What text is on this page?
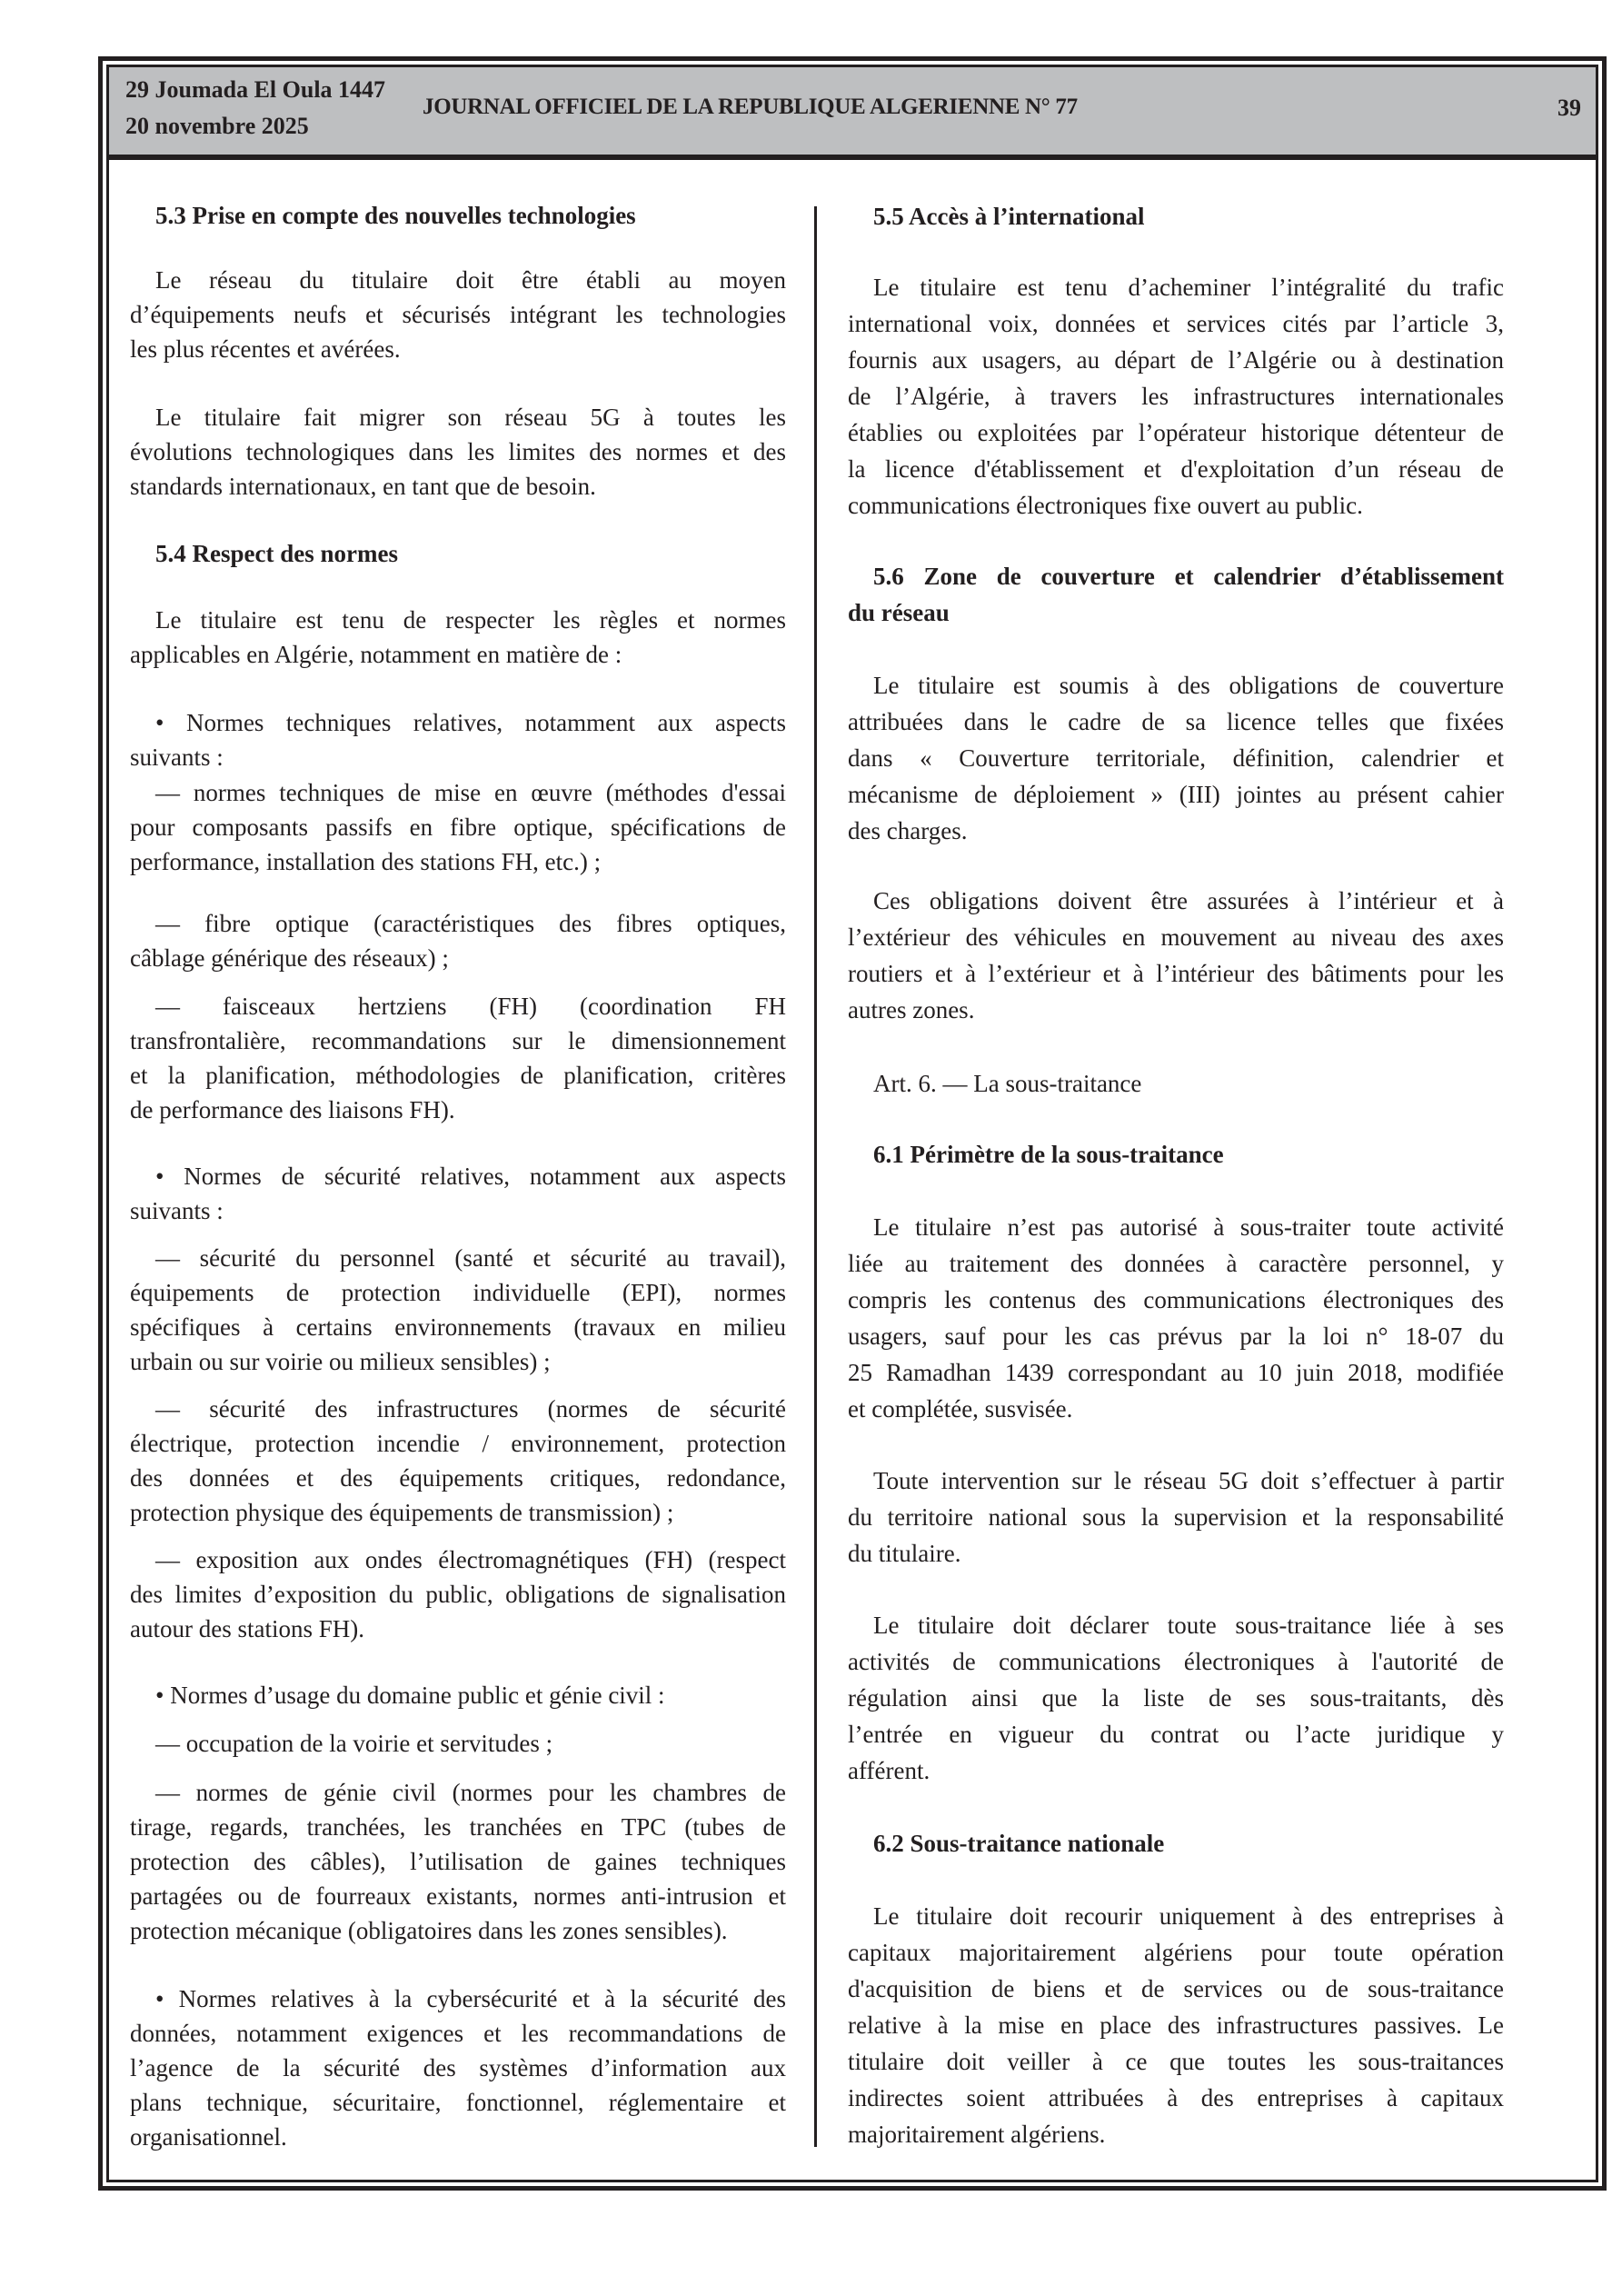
29 Joumada El Oula 1447
20 novembre 2025
JOURNAL OFFICIEL DE LA REPUBLIQUE ALGERIENNE N° 77	39
5.3 Prise en compte des nouvelles technologies
Le réseau du titulaire doit être établi au moyen
d’équipements neufs et sécurisés intégrant les technologies
les plus récentes et avérées.
Le titulaire fait migrer son réseau 5G à toutes les
évolutions technologiques dans les limites des normes et des
standards internationaux, en tant que de besoin.
5.4 Respect des normes
Le titulaire est tenu de respecter les règles et normes
applicables en Algérie, notamment en matière de :
• Normes techniques relatives, notamment aux aspects
suivants :
— normes techniques de mise en œuvre (méthodes d'essai
pour composants passifs en fibre optique, spécifications de
performance, installation des stations FH, etc.) ;
— fibre optique (caractéristiques des fibres optiques,
câblage générique des réseaux) ;
— faisceaux hertziens (FH) (coordination FH
transfrontalière, recommandations sur le dimensionnement
et la planification, méthodologies de planification, critères
de performance des liaisons FH).
• Normes de sécurité relatives, notamment aux aspects
suivants :
— sécurité du personnel (santé et sécurité au travail),
équipements de protection individuelle (EPI), normes
spécifiques à certains environnements (travaux en milieu
urbain ou sur voirie ou milieux sensibles) ;
— sécurité des infrastructures (normes de sécurité
électrique, protection incendie / environnement, protection
des données et des équipements critiques, redondance,
protection physique des équipements de transmission) ;
— exposition aux ondes électromagnétiques (FH) (respect
des limites d’exposition du public, obligations de signalisation
autour des stations FH).
• Normes d’usage du domaine public et génie civil :
— occupation de la voirie et servitudes ;
— normes de génie civil (normes pour les chambres de
tirage, regards, tranchées, les tranchées en TPC (tubes de
protection des câbles), l’utilisation de gaines techniques
partagées ou de fourreaux existants, normes anti-intrusion et
protection mécanique (obligatoires dans les zones sensibles).
• Normes relatives à la cybersécurité et à la sécurité des
données, notamment exigences et les recommandations de
l’agence de la sécurité des systèmes d’information aux
plans technique, sécuritaire, fonctionnel, réglementaire et
organisationnel.
5.5 Accès à l’international
Le titulaire est tenu d’acheminer l’intégralité du trafic
international voix, données et services cités par l’article 3,
fournis aux usagers, au départ de l’Algérie ou à destination
de l’Algérie, à travers les infrastructures internationales
établies ou exploitées par l’opérateur historique détenteur de
la licence d'établissement et d'exploitation d’un réseau de
communications électroniques fixe ouvert au public.
5.6 Zone de couverture et calendrier d’établissement
du réseau
Le titulaire est soumis à des obligations de couverture
attribuées dans le cadre de sa licence telles que fixées
dans « Couverture territoriale, définition, calendrier et
mécanisme de déploiement » (III) jointes au présent cahier
des charges.
Ces obligations doivent être assurées à l’intérieur et à
l’extérieur des véhicules en mouvement au niveau des axes
routiers et à l’extérieur et à l’intérieur des bâtiments pour les
autres zones.
Art. 6. — La sous-traitance
6.1 Périmètre de la sous-traitance
Le titulaire n’est pas autorisé à sous-traiter toute activité
liée au traitement des données à caractère personnel, y
compris les contenus des communications électroniques des
usagers, sauf pour les cas prévus par la loi n° 18-07 du
25 Ramadhan 1439 correspondant au 10 juin 2018, modifiée
et complétée, susvisée.
Toute intervention sur le réseau 5G doit s’effectuer à partir
du territoire national sous la supervision et la responsabilité
du titulaire.
Le titulaire doit déclarer toute sous-traitance liée à ses
activités de communications électroniques à l'autorité de
régulation ainsi que la liste de ses sous-traitants, dès
l’entrée en vigueur du contrat ou l’acte juridique y
afférent.
6.2 Sous-traitance nationale
Le titulaire doit recourir uniquement à des entreprises à
capitaux majoritairement algériens pour toute opération
d'acquisition de biens et de services ou de sous-traitance
relative à la mise en place des infrastructures passives. Le
titulaire doit veiller à ce que toutes les sous-traitances
indirectes soient attribuées à des entreprises à capitaux
majoritairement algériens.
